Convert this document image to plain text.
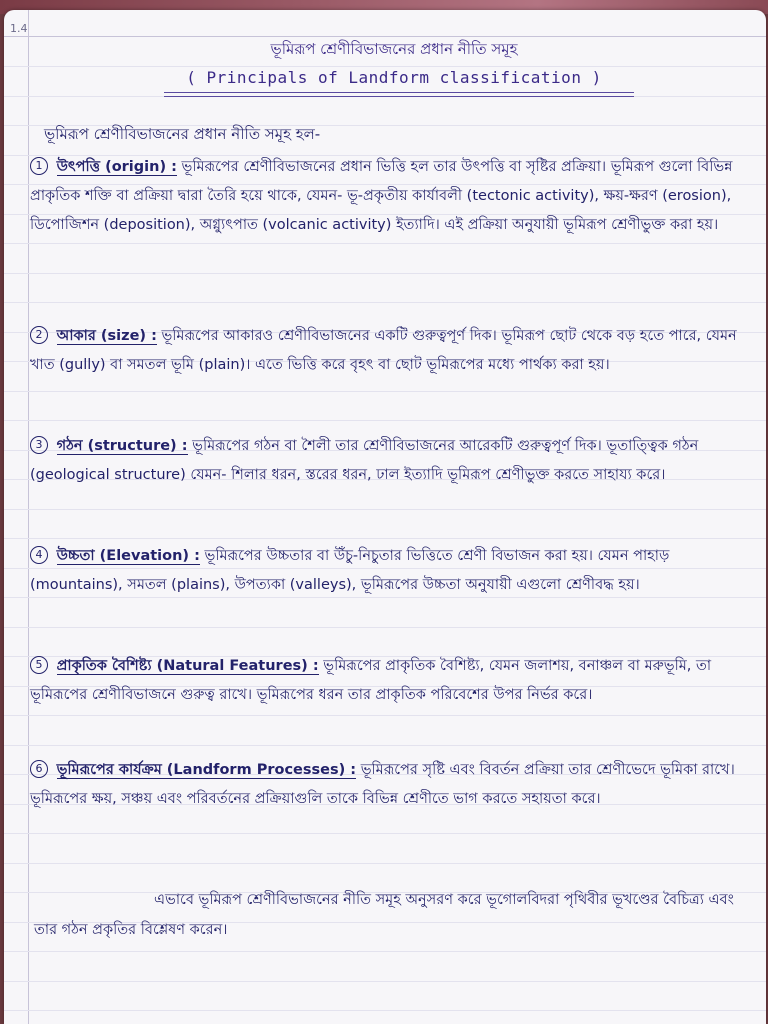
1.4
ভূমিরূপ শ্রেণীবিভাজনের প্রধান নীতি সমূহ
( Principals of Landform classification )
ভূমিরূপ শ্রেণীবিভাজনের প্রধান নীতি সমূহ হল-
1 উৎপত্তি (origin) : ভূমিরূপের শ্রেণীবিভাজনের প্রধান ভিত্তি হল তার উৎপত্তি বা সৃষ্টির প্রক্রিয়া। ভূমিরূপ গুলো বিভিন্ন প্রাকৃতিক শক্তি বা প্রক্রিয়া দ্বারা তৈরি হয়ে থাকে, যেমন- ভূ-প্রকৃতীয় কার্যাবলী (tectonic activity), ক্ষয়-ক্ষরণ (erosion), ডিপোজিশন (deposition), অগ্ন্যুৎপাত (volcanic activity) ইত্যাদি। এই প্রক্রিয়া অনুযায়ী ভূমিরূপ শ্রেণীভুক্ত করা হয়।
2 আকার (size) : ভূমিরূপের আকারও শ্রেণীবিভাজনের একটি গুরুত্বপূর্ণ দিক। ভূমিরূপ ছোট থেকে বড় হতে পারে, যেমন খাত (gully) বা সমতল ভূমি (plain)। এতে ভিত্তি করে বৃহৎ বা ছোট ভূমিরূপের মধ্যে পার্থক্য করা হয়।
3 গঠন (structure) : ভূমিরূপের গঠন বা শৈলী তার শ্রেণীবিভাজনের আরেকটি গুরুত্বপূর্ণ দিক। ভূতাত্ত্বিক গঠন (geological structure) যেমন- শিলার ধরন, স্তরের ধরন, ঢাল ইত্যাদি ভূমিরূপ শ্রেণীভুক্ত করতে সাহায্য করে।
4 উচ্চতা (Elevation) : ভূমিরূপের উচ্চতার বা উঁচু-নিচুতার ভিত্তিতে শ্রেণী বিভাজন করা হয়। যেমন পাহাড় (mountains), সমতল (plains), উপত্যকা (valleys), ভূমিরূপের উচ্চতা অনুযায়ী এগুলো শ্রেণীবদ্ধ হয়।
5 প্রাকৃতিক বৈশিষ্ট্য (Natural Features) : ভূমিরূপের প্রাকৃতিক বৈশিষ্ট্য, যেমন জলাশয়, বনাঞ্চল বা মরুভূমি, তা ভূমিরূপের শ্রেণীবিভাজনে গুরুত্ব রাখে। ভূমিরূপের ধরন তার প্রাকৃতিক পরিবেশের উপর নির্ভর করে।
6 ভূমিরূপের কার্যক্রম (Landform Processes) : ভূমিরূপের সৃষ্টি এবং বিবর্তন প্রক্রিয়া তার শ্রেণীভেদে ভূমিকা রাখে। ভূমিরূপের ক্ষয়, সঞ্চয় এবং পরিবর্তনের প্রক্রিয়াগুলি তাকে বিভিন্ন শ্রেণীতে ভাগ করতে সহায়তা করে।
এভাবে ভূমিরূপ শ্রেণীবিভাজনের নীতি সমূহ অনুসরণ করে ভূগোলবিদরা পৃথিবীর ভূখণ্ডের বৈচিত্র্য এবং তার গঠন প্রকৃতির বিশ্লেষণ করেন।
